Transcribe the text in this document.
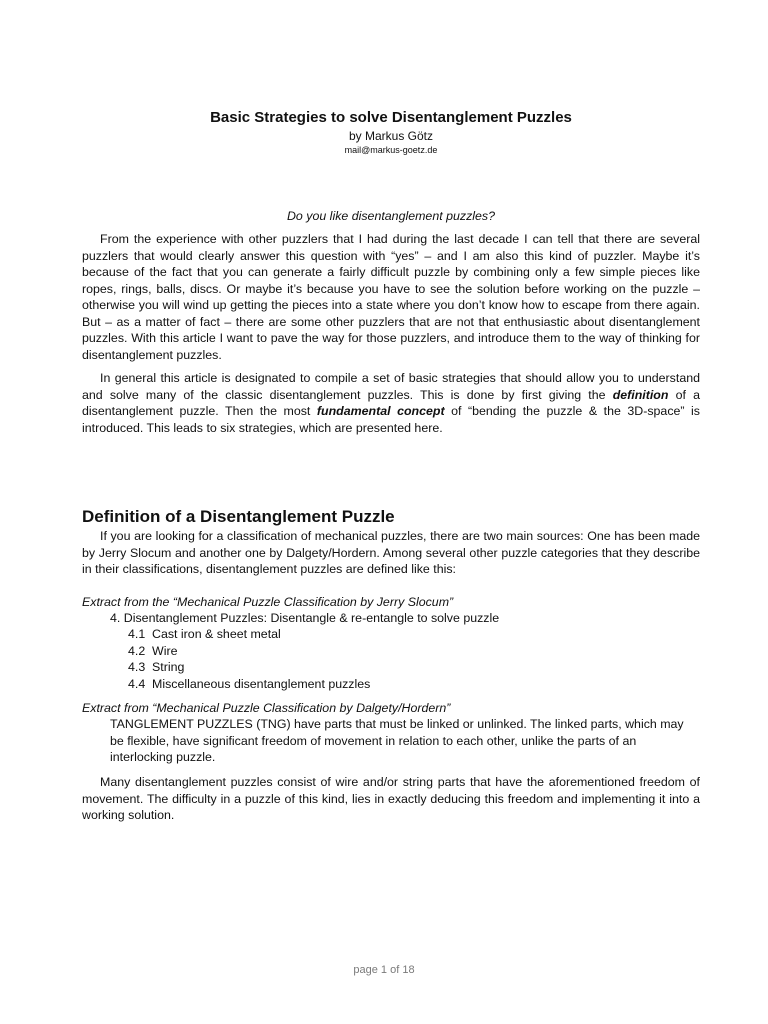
Basic Strategies to solve Disentanglement Puzzles

by Markus Götz

mail@markus-goetz.de

Do you like disentanglement puzzles?

From the experience with other puzzlers that I had during the last decade I can tell that there are several puzzlers that would clearly answer this question with “yes” – and I am also this kind of puzzler. Maybe it’s because of the fact that you can generate a fairly difficult puzzle by combining only a few simple pieces like ropes, rings, balls, discs. Or maybe it’s because you have to see the solution before working on the puzzle – otherwise you will wind up getting the pieces into a state where you don’t know how to escape from there again. But – as a matter of fact – there are some other puzzlers that are not that enthusiastic about disentanglement puzzles. With this article I want to pave the way for those puzzlers, and introduce them to the way of thinking for disentanglement puzzles.

In general this article is designated to compile a set of basic strategies that should allow you to understand and solve many of the classic disentanglement puzzles. This is done by first giving the definition of a disentanglement puzzle. Then the most fundamental concept of “bending the puzzle & the 3D-space” is introduced. This leads to six strategies, which are presented here.

Definition of a Disentanglement Puzzle

If you are looking for a classification of mechanical puzzles, there are two main sources: One has been made by Jerry Slocum and another one by Dalgety/Hordern. Among several other puzzle categories that they describe in their classifications, disentanglement puzzles are defined like this:

Extract from the “Mechanical Puzzle Classification by Jerry Slocum”
4. Disentanglement Puzzles: Disentangle & re-entangle to solve puzzle
4.1 Cast iron & sheet metal
4.2 Wire
4.3 String
4.4 Miscellaneous disentanglement puzzles
Extract from “Mechanical Puzzle Classification by Dalgety/Hordern”
TANGLEMENT PUZZLES (TNG) have parts that must be linked or unlinked. The linked parts, which may be flexible, have significant freedom of movement in relation to each other, unlike the parts of an interlocking puzzle.

Many disentanglement puzzles consist of wire and/or string parts that have the aforementioned freedom of movement. The difficulty in a puzzle of this kind, lies in exactly deducing this freedom and implementing it into a working solution.

page 1 of 18
